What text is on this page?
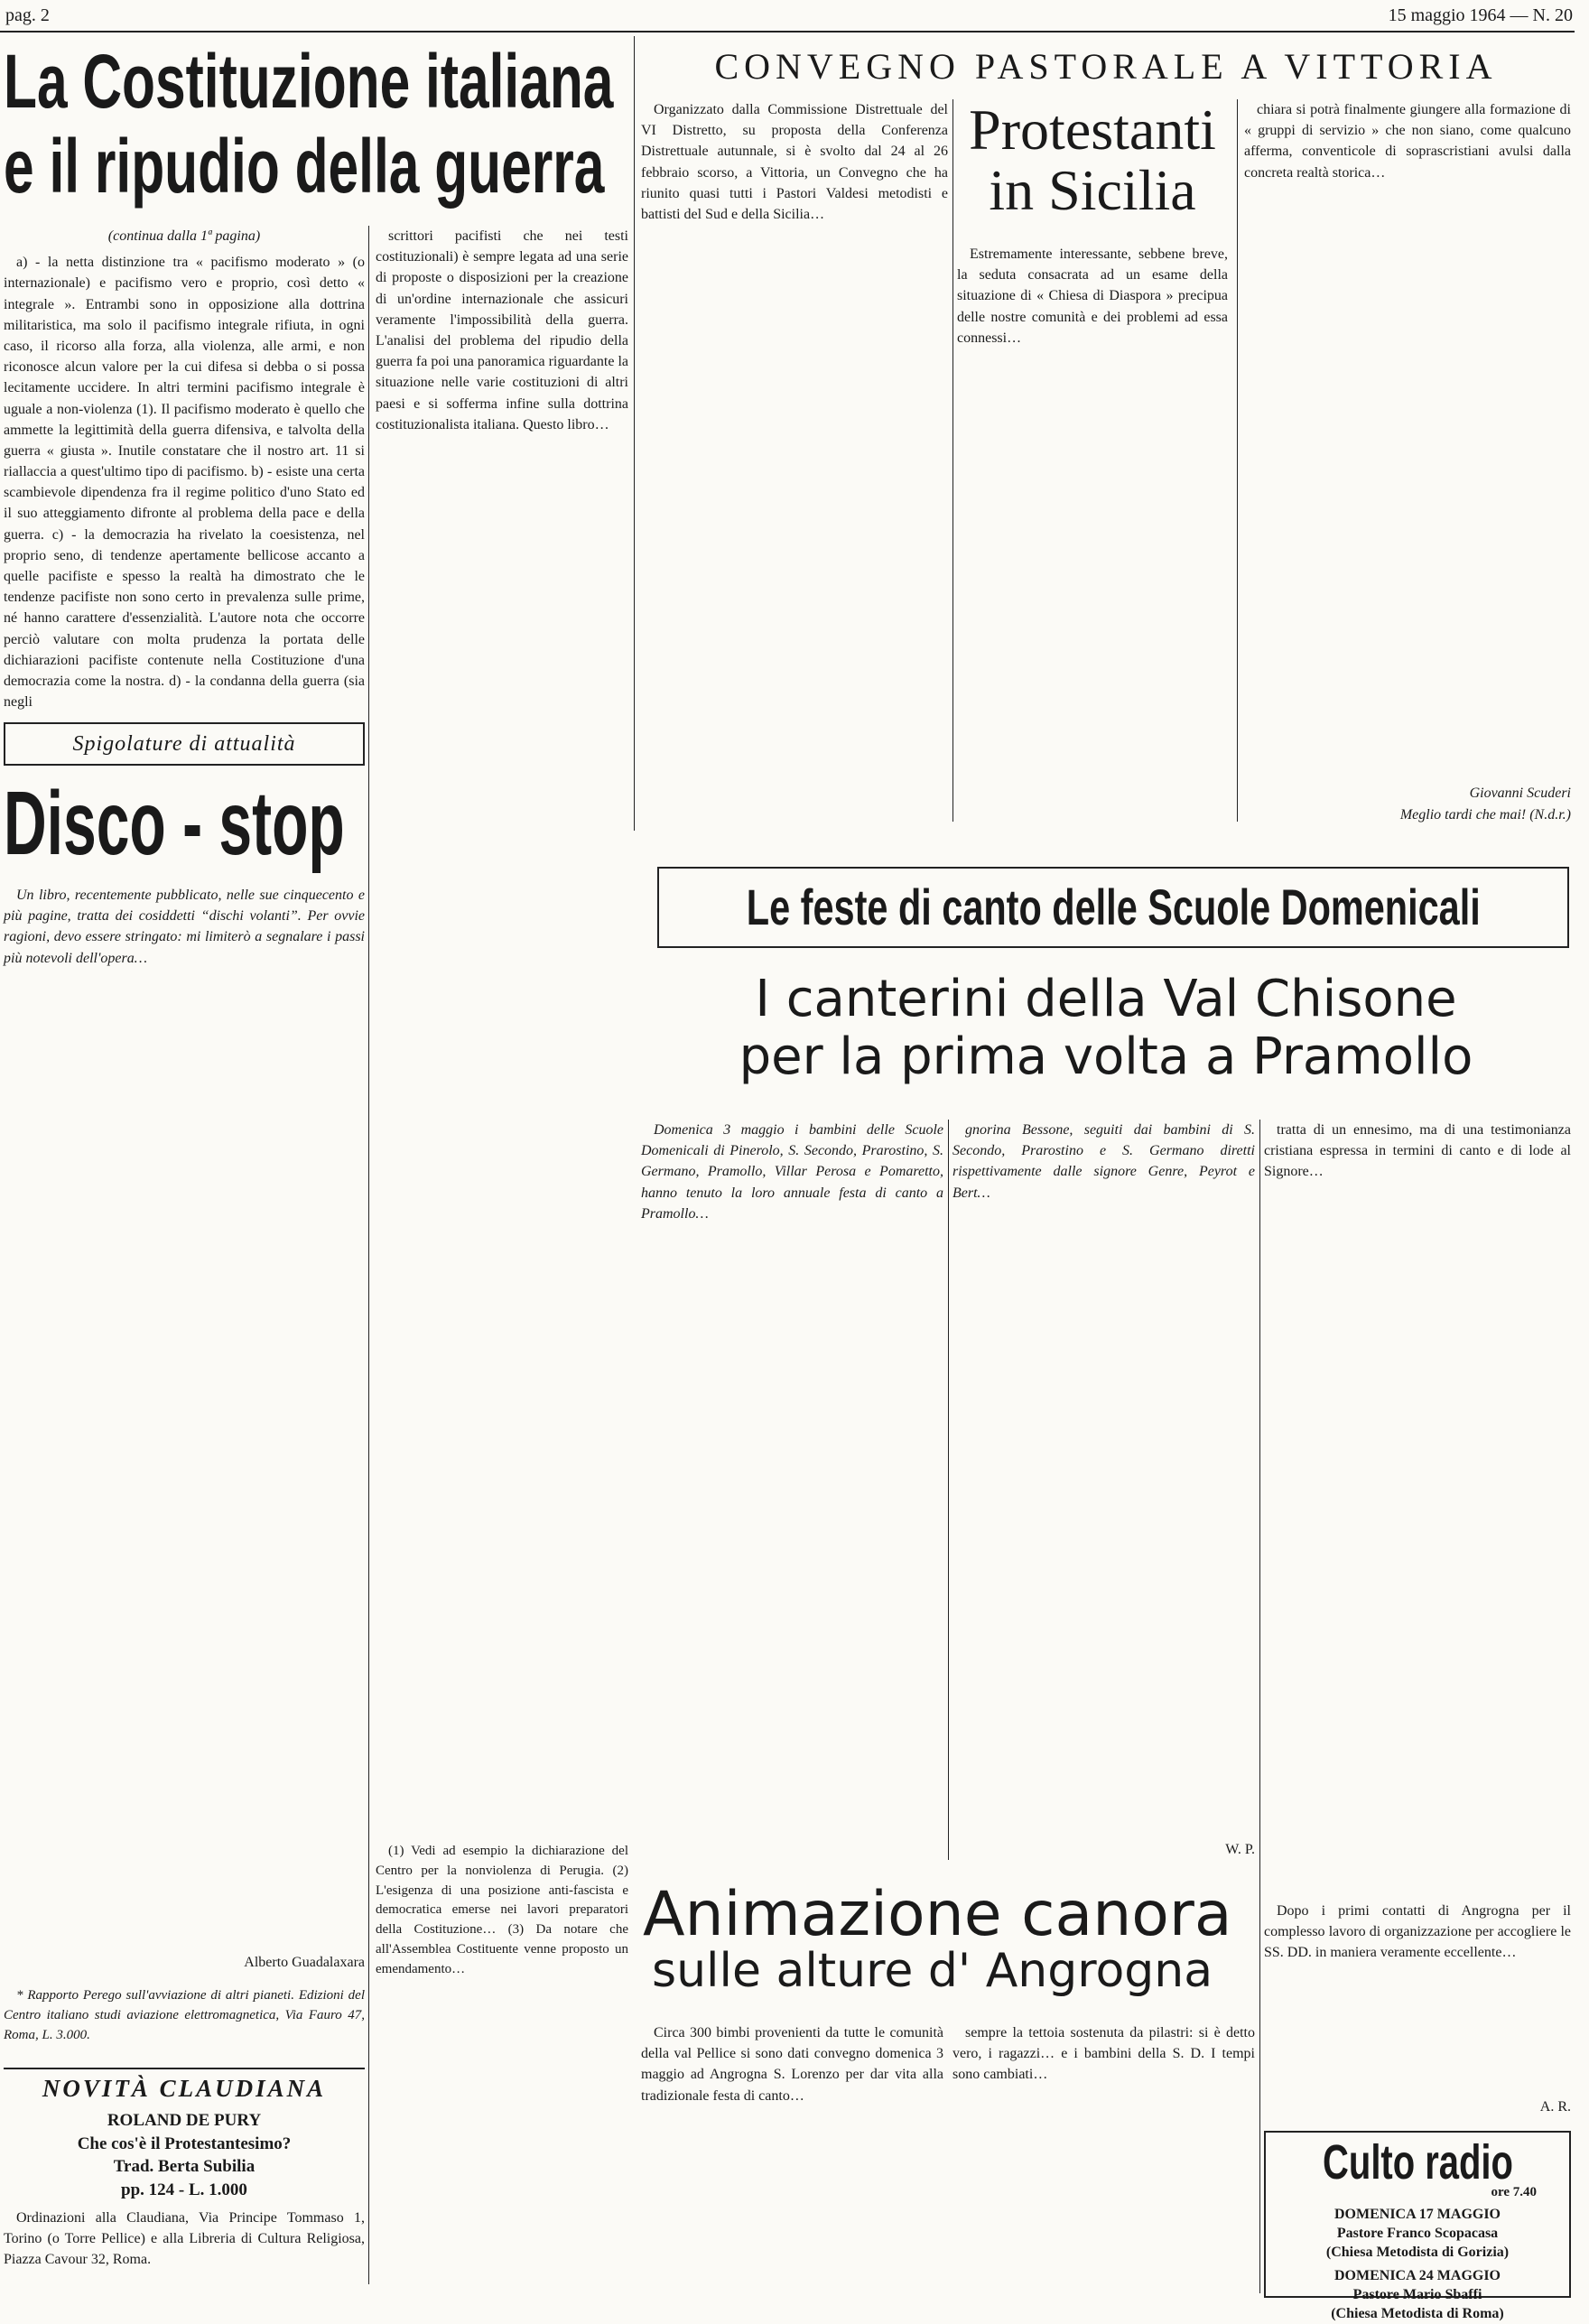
pag. 2	15 maggio 1964 — N. 20
La Costituzione italiana
e il ripudio della guerra
(continua dalla 1ª pagina)

a) - la netta distinzione tra « pacifismo moderato » (o internazionale) e pacifismo vero e proprio, così detto « integrale ». Entrambi sono in opposizione alla dottrina militaristica, ma solo il pacifismo integrale rifiuta, in ogni caso, il ricorso alla forza, alla violenza, alle armi, e non riconosce alcun valore per la cui difesa si debba o si possa lecitamente uccidere. In altri termini pacifismo integrale è uguale a non-violenza (1). Il pacifismo moderato è quello che ammette la legittimità della guerra difensiva, e talvolta della guerra « giusta ». Inutile constatare che il nostro art. 11 si riallaccia a quest'ultimo tipo di pacifismo. b) - esiste una certa scambievole dipendenza fra il regime politico d'uno Stato ed il suo atteggiamento difronte al problema della pace e della guerra. c) - la democrazia ha rivelato la coesistenza, nel proprio seno, di tendenze apertamente bellicose accanto a quelle pacifiste e spesso la realtà ha dimostrato che le tendenze pacifiste non sono certo in prevalenza sulle prime, né hanno carattere d'essenzialità. L'autore nota che occorre perciò valutare con molta prudenza la portata delle dichiarazioni pacifiste contenute nella Costituzione d'una democrazia come la nostra. d) - la condanna della guerra (sia negli

scrittori pacifisti che nei testi costituzionali) è sempre legata ad una serie di proposte o disposizioni per la creazione di un'ordine internazionale che assicuri veramente l'impossibilità della guerra. L'analisi del problema del ripudio della guerra fa poi una panoramica riguardante la situazione nelle varie costituzioni di altri paesi e si sofferma infine sulla dottrina costituzionalista italiana. Questo libro…

(1) Vedi ad esempio la dichiarazione del Centro per la nonviolenza di Perugia. (2) L'esigenza di una posizione anti-fascista e democratica emerse nei lavori preparatori della Costituzione… (3) Da notare che all'Assemblea Costituente venne proposto un emendamento…

Spigolature di attualità
Disco - stop

Un libro, recentemente pubblicato, nelle sue cinquecento e più pagine, tratta dei cosiddetti “dischi volanti”. Per ovvie ragioni, devo essere stringato: mi limiterò a segnalare i passi più notevoli dell'opera…

Alberto Guadalaxara

* Rapporto Perego sull'avviazione di altri pianeti. Edizioni del Centro italiano studi aviazione elettromagnetica, Via Fauro 47, Roma, L. 3.000.

NOVITÀ CLAUDIANA
ROLAND DE PURY
Che cos'è il Protestantesimo?
Trad. Berta Subilia
pp. 124 - L. 1.000

Ordinazioni alla Claudiana, Via Principe Tommaso 1, Torino (o Torre Pellice) e alla Libreria di Cultura Religiosa, Piazza Cavour 32, Roma.

CONVEGNO PASTORALE A VITTORIA

Organizzato dalla Commissione Distrettuale del VI Distretto, su proposta della Conferenza Distrettuale autunnale, si è svolto dal 24 al 26 febbraio scorso, a Vittoria, un Convegno che ha riunito quasi tutti i Pastori Valdesi metodisti e battisti del Sud e della Sicilia…

Protestanti
in Sicilia

Estremamente interessante, sebbene breve, la seduta consacrata ad un esame della situazione di « Chiesa di Diaspora » precipua delle nostre comunità e dei problemi ad essa connessi…

chiara si potrà finalmente giungere alla formazione di « gruppi di servizio » che non siano, come qualcuno afferma, conventicole di soprascristiani avulsi dalla concreta realtà storica…

Giovanni Scuderi
Meglio tardi che mai! (N.d.r.)
Le feste di canto delle Scuole Domenicali
I canterini della Val Chisone
per la prima volta a Pramollo

Domenica 3 maggio i bambini delle Scuole Domenicali di Pinerolo, S. Secondo, Prarostino, S. Germano, Pramollo, Villar Perosa e Pomaretto, hanno tenuto la loro annuale festa di canto a Pramollo…

gnorina Bessone, seguiti dai bambini di S. Secondo, Prarostino e S. Germano diretti rispettivamente dalle signore Genre, Peyrot e Bert…

W. P.

tratta di un ennesimo, ma di una testimonianza cristiana espressa in termini di canto e di lode al Signore…

Animazione canora
sulle alture d' Angrogna

Circa 300 bimbi provenienti da tutte le comunità della val Pellice si sono dati convegno domenica 3 maggio ad Angrogna S. Lorenzo per dar vita alla tradizionale festa di canto…

sempre la tettoia sostenuta da pilastri: si è detto vero, i ragazzi… e i bambini della S. D. I tempi sono cambiati…

Dopo i primi contatti di Angrogna per il complesso lavoro di organizzazione per accogliere le SS. DD. in maniera veramente eccellente…

A. R.
Culto radio
ore 7.40
DOMENICA 17 MAGGIO
Pastore Franco Scopacasa
(Chiesa Metodista di Gorizia)
DOMENICA 24 MAGGIO
Pastore Mario Sbaffi
(Chiesa Metodista di Roma)
